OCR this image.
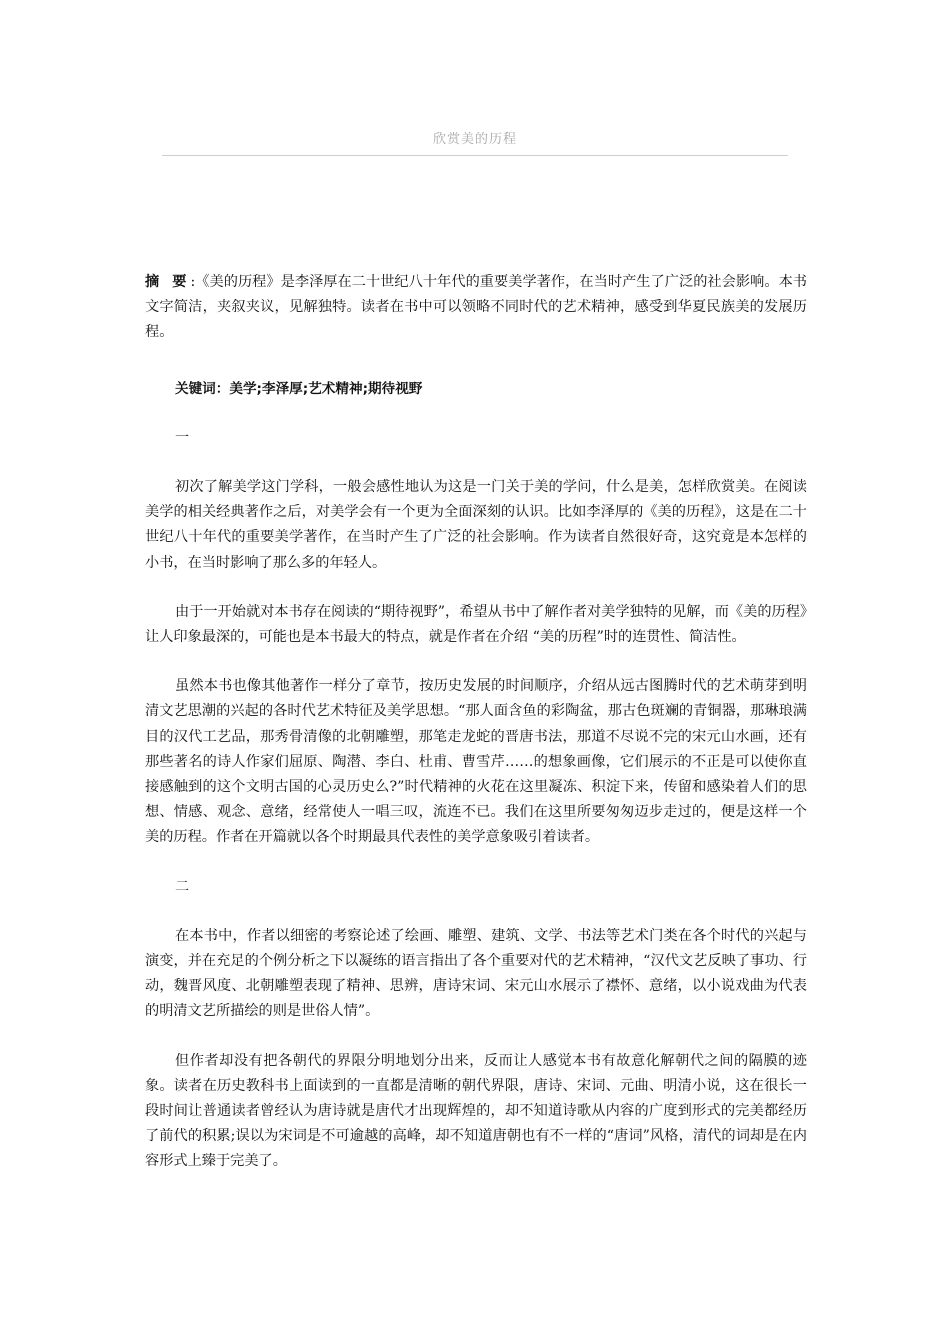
欣赏美的历程

摘 要:《美的历程》是李泽厚在二十世纪八十年代的重要美学著作，在当时产生了广泛的社会影响。本书文字简洁，夹叙夹议，见解独特。读者在书中可以领略不同时代的艺术精神，感受到华夏民族美的发展历程。

关键词：美学;李泽厚;艺术精神;期待视野

一

初次了解美学这门学科，一般会感性地认为这是一门关于美的学问，什么是美，怎样欣赏美。在阅读美学的相关经典著作之后，对美学会有一个更为全面深刻的认识。比如李泽厚的《美的历程》，这是在二十世纪八十年代的重要美学著作，在当时产生了广泛的社会影响。作为读者自然很好奇，这究竟是本怎样的小书，在当时影响了那么多的年轻人。

由于一开始就对本书存在阅读的“期待视野”，希望从书中了解作者对美学独特的见解，而《美的历程》让人印象最深的，可能也是本书最大的特点，就是作者在介绍 “美的历程”时的连贯性、简洁性。

虽然本书也像其他著作一样分了章节，按历史发展的时间顺序，介绍从远古图腾时代的艺术萌芽到明清文艺思潮的兴起的各时代艺术特征及美学思想。“那人面含鱼的彩陶盆，那古色斑斓的青铜器，那琳琅满目的汉代工艺品，那秀骨清像的北朝雕塑，那笔走龙蛇的晋唐书法，那道不尽说不完的宋元山水画，还有那些著名的诗人作家们屈原、陶潜、李白、杜甫、曹雪芹……的想象画像，它们展示的不正是可以使你直接感触到的这个文明古国的心灵历史么?”时代精神的火花在这里凝冻、积淀下来，传留和感染着人们的思想、情感、观念、意绪，经常使人一唱三叹，流连不已。我们在这里所要匆匆迈步走过的，便是这样一个美的历程。作者在开篇就以各个时期最具代表性的美学意象吸引着读者。

二

在本书中，作者以细密的考察论述了绘画、雕塑、建筑、文学、书法等艺术门类在各个时代的兴起与演变，并在充足的个例分析之下以凝练的语言指出了各个重要对代的艺术精神，“汉代文艺反映了事功、行动，魏晋风度、北朝雕塑表现了精神、思辨，唐诗宋词、宋元山水展示了襟怀、意绪，以小说戏曲为代表的明清文艺所描绘的则是世俗人情”。

但作者却没有把各朝代的界限分明地划分出来，反而让人感觉本书有故意化解朝代之间的隔膜的迹象。读者在历史教科书上面读到的一直都是清晰的朝代界限，唐诗、宋词、元曲、明清小说，这在很长一段时间让普通读者曾经认为唐诗就是唐代才出现辉煌的，却不知道诗歌从内容的广度到形式的完美都经历了前代的积累;误以为宋词是不可逾越的高峰，却不知道唐朝也有不一样的“唐词”风格，清代的词却是在内容形式上臻于完美了。
